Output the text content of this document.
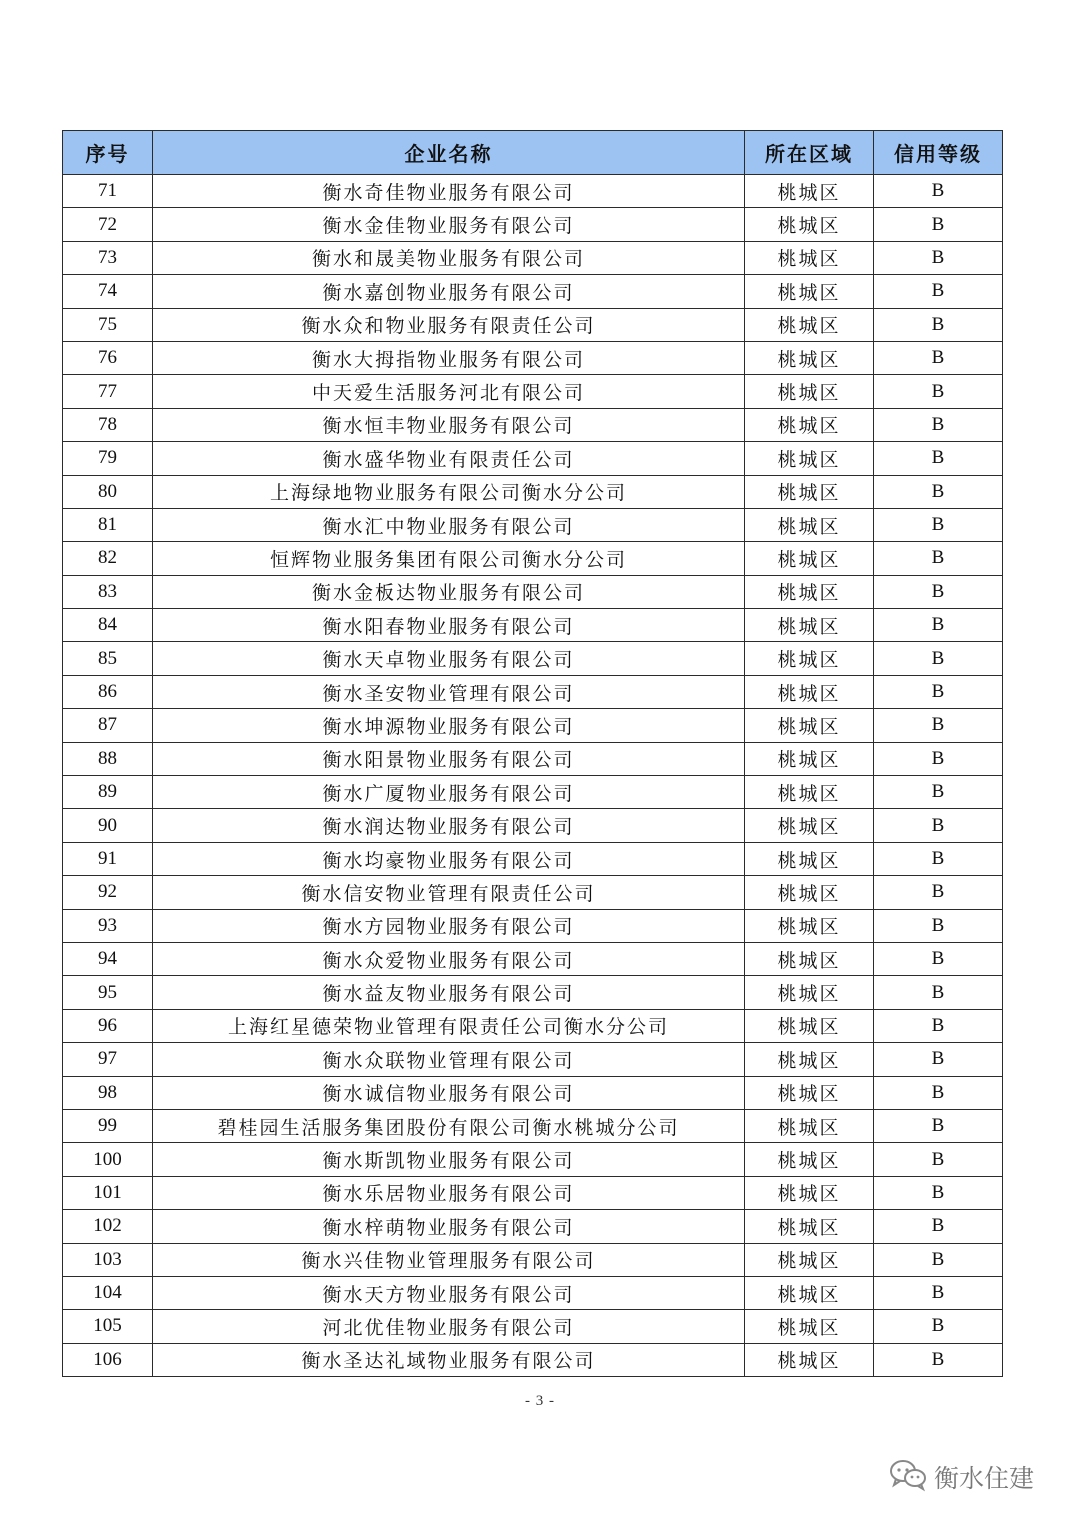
序号	企业名称	所在区域	信用等级
71	衡水奇佳物业服务有限公司	桃城区	B
72	衡水金佳物业服务有限公司	桃城区	B
73	衡水和晟美物业服务有限公司	桃城区	B
74	衡水嘉创物业服务有限公司	桃城区	B
75	衡水众和物业服务有限责任公司	桃城区	B
76	衡水大拇指物业服务有限公司	桃城区	B
77	中天爱生活服务河北有限公司	桃城区	B
78	衡水恒丰物业服务有限公司	桃城区	B
79	衡水盛华物业有限责任公司	桃城区	B
80	上海绿地物业服务有限公司衡水分公司	桃城区	B
81	衡水汇中物业服务有限公司	桃城区	B
82	恒辉物业服务集团有限公司衡水分公司	桃城区	B
83	衡水金板达物业服务有限公司	桃城区	B
84	衡水阳春物业服务有限公司	桃城区	B
85	衡水天卓物业服务有限公司	桃城区	B
86	衡水圣安物业管理有限公司	桃城区	B
87	衡水坤源物业服务有限公司	桃城区	B
88	衡水阳景物业服务有限公司	桃城区	B
89	衡水广厦物业服务有限公司	桃城区	B
90	衡水润达物业服务有限公司	桃城区	B
91	衡水均豪物业服务有限公司	桃城区	B
92	衡水信安物业管理有限责任公司	桃城区	B
93	衡水方园物业服务有限公司	桃城区	B
94	衡水众爱物业服务有限公司	桃城区	B
95	衡水益友物业服务有限公司	桃城区	B
96	上海红星德荣物业管理有限责任公司衡水分公司	桃城区	B
97	衡水众联物业管理有限公司	桃城区	B
98	衡水诚信物业服务有限公司	桃城区	B
99	碧桂园生活服务集团股份有限公司衡水桃城分公司	桃城区	B
100	衡水斯凯物业服务有限公司	桃城区	B
101	衡水乐居物业服务有限公司	桃城区	B
102	衡水梓萌物业服务有限公司	桃城区	B
103	衡水兴佳物业管理服务有限公司	桃城区	B
104	衡水天方物业服务有限公司	桃城区	B
105	河北优佳物业服务有限公司	桃城区	B
106	衡水圣达礼域物业服务有限公司	桃城区	B
- 3 -
衡水住建
